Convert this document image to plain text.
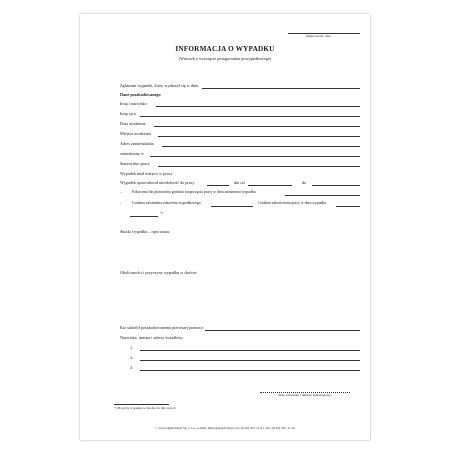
miejscowość, data
INFORMACJA O WYPADKU
(Wniosek o wszczęcie postępowania powypadkowego)
Zgłaszam wypadek, który wydarzył się w dniu
Dane poszkodowanego
Imię i nazwisko
Imię ojca
Data urodzenia
Miejsce urodzenia
Adres zamieszkania
zatrudniony w
Stanowisko pracy
Wypadek miał miejsce w pracy
Wypadek spowodował niezdolność do pracy	dni od	do
-	Faktyczna lub planowana godzina rozpoczęcia pracy w dniu zaistnienia wypadku
-	Godzina zaistnienia zdarzenia wypadkowego	Godzina zakończenia pracy w dniu wypadku
*)
Skutki wypadku – opis urazu:
Okoliczności i przyczyny wypadku w skrócie:
Kto udzielił poszkodowanemu pierwszej pomocy:
Nazwiska, imiona i adresy świadków:
1.
2.
3.
imię, nazwisko i funkcja zgłaszającego
*) Dotyczy wypadku w drodze do lub z pracy
© www.signform.pl Sp. z o.o., e-mail: biuro@signform.pl, tel. (0-22) 337-11-51, fax. (0-22) 337-11-52
